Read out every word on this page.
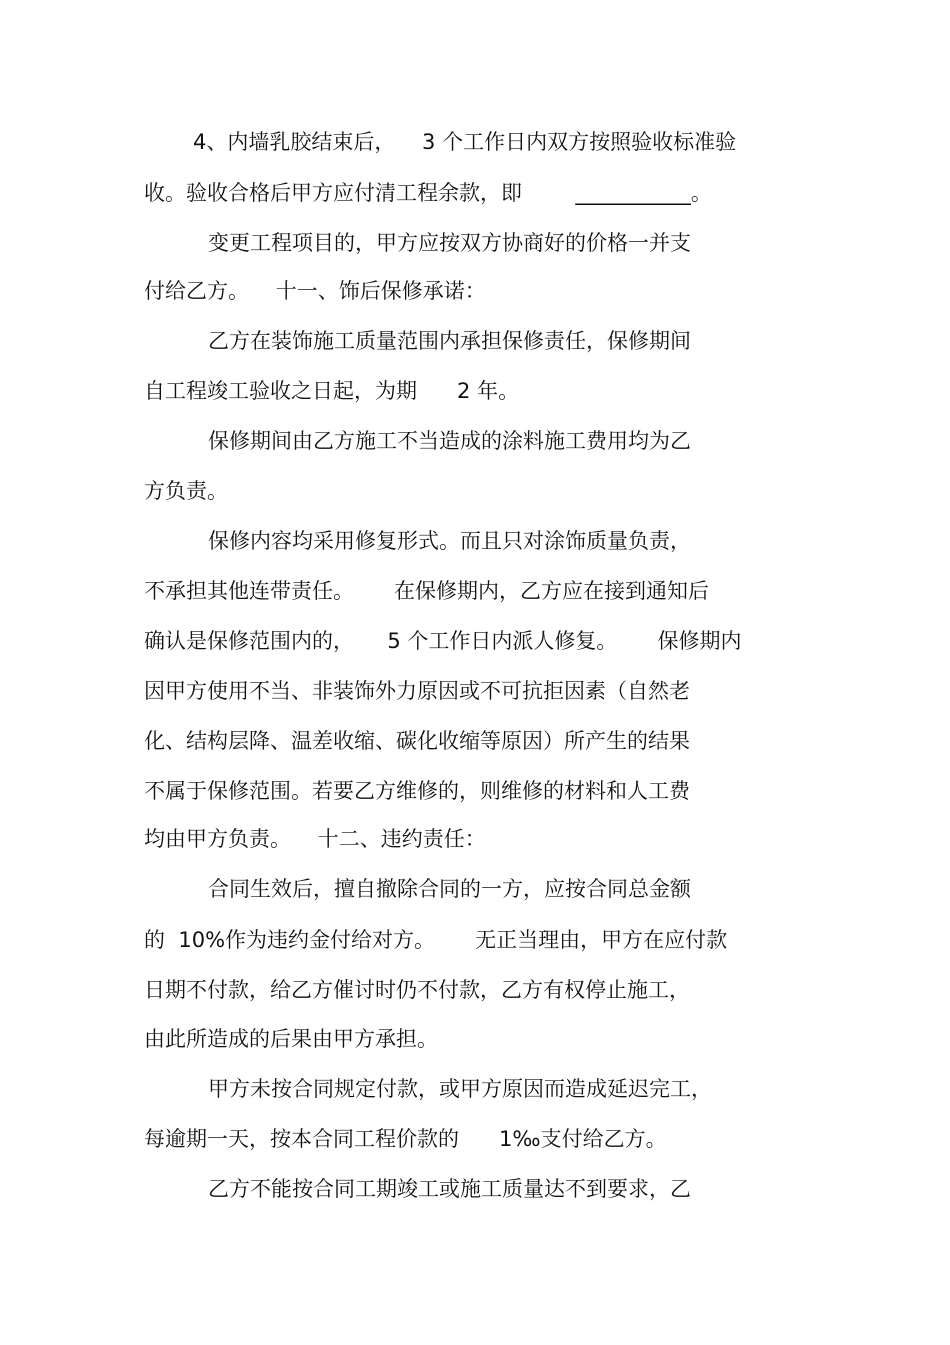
4、内墙乳胶结束后，    3 个工作日内双方按照验收标准验

收。验收合格后甲方应付清工程余款，即        ___________。

变更工程项目的，甲方应按双方协商好的价格一并支

付给乙方。    十一、饰后保修承诺：

乙方在装饰施工质量范围内承担保修责任，保修期间

自工程竣工验收之日起，为期      2 年。

保修期间由乙方施工不当造成的涂料施工费用均为乙

方负责。

保修内容均采用修复形式。而且只对涂饰质量负责，

不承担其他连带责任。      在保修期内，乙方应在接到通知后

确认是保修范围内的，     5 个工作日内派人修复。      保修期内

因甲方使用不当、非装饰外力原因或不可抗拒因素（自然老

化、结构层降、温差收缩、碳化收缩等原因）所产生的结果

不属于保修范围。若要乙方维修的，则维修的材料和人工费

均由甲方负责。    十二、违约责任：

合同生效后，擅自撤除合同的一方，应按合同总金额

的  10%作为违约金付给对方。      无正当理由，甲方在应付款

日期不付款，给乙方催讨时仍不付款，乙方有权停止施工，

由此所造成的后果由甲方承担。

甲方未按合同规定付款，或甲方原因而造成延迟完工，

每逾期一天，按本合同工程价款的      1‰支付给乙方。

乙方不能按合同工期竣工或施工质量达不到要求，乙
